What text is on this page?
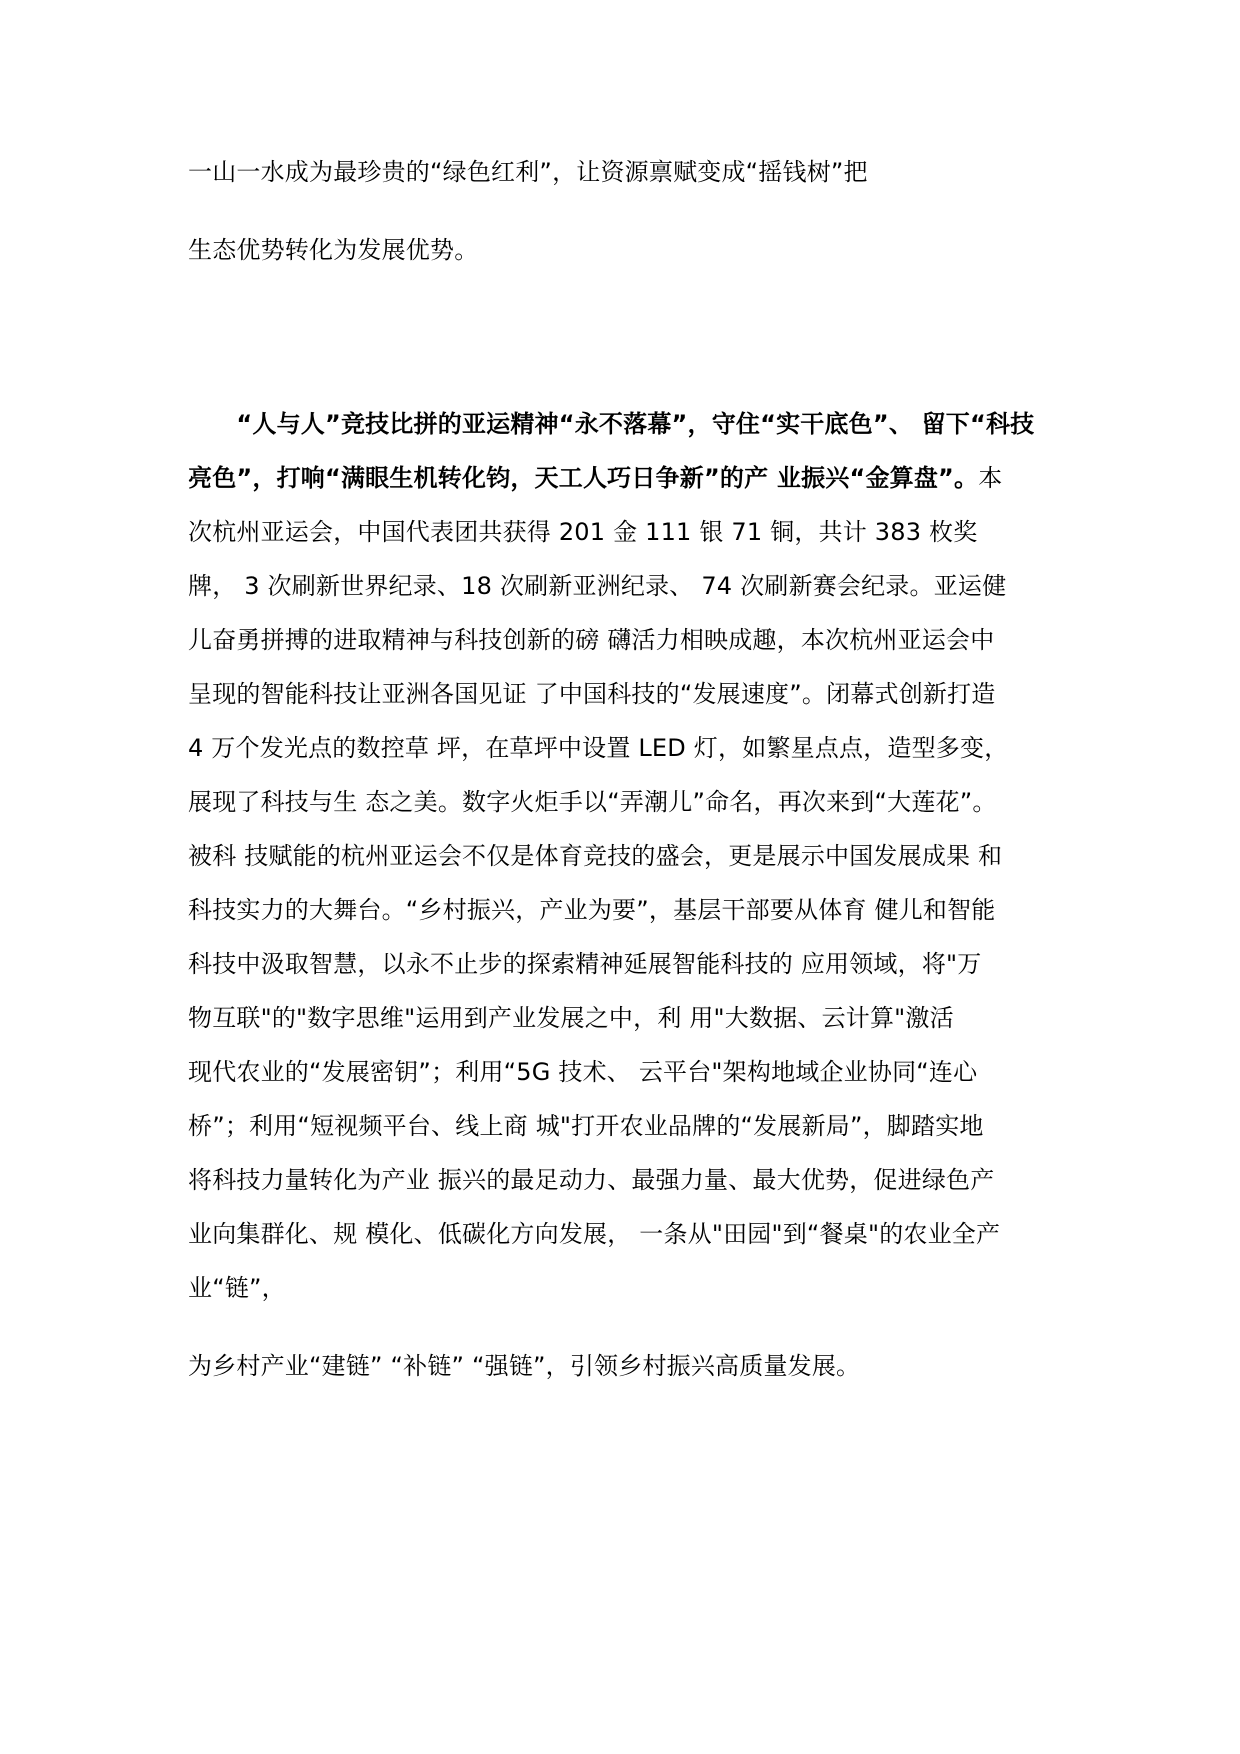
一山一水成为最珍贵的“绿色红利”，让资源禀赋变成“摇钱树”把
生态优势转化为发展优势。
　　“人与人”竞技比拼的亚运精神“永不落幕”，守住“实干底色”、 留下“科技
亮色”，打响“满眼生机转化钧，天工人巧日争新”的产 业振兴“金算盘”。本
次杭州亚运会，中国代表团共获得 201 金 111 银 71 铜，共计 383 枚奖
牌， 3 次刷新世界纪录、18 次刷新亚洲纪录、 74 次刷新赛会纪录。亚运健
儿奋勇拼搏的进取精神与科技创新的磅 礴活力相映成趣，本次杭州亚运会中
呈现的智能科技让亚洲各国见证 了中国科技的“发展速度”。闭幕式创新打造
4 万个发光点的数控草 坪，在草坪中设置 LED 灯，如繁星点点，造型多变，
展现了科技与生 态之美。数字火炬手以“弄潮儿”命名，再次来到“大莲花”。
被科 技赋能的杭州亚运会不仅是体育竞技的盛会，更是展示中国发展成果 和
科技实力的大舞台。“乡村振兴，产业为要”，基层干部要从体育 健儿和智能
科技中汲取智慧，以永不止步的探索精神延展智能科技的 应用领域，将"万
物互联"的"数字思维"运用到产业发展之中，利 用"大数据、云计算"激活
现代农业的“发展密钥”；利用“5G 技术、 云平台"架构地域企业协同“连心
桥”；利用“短视频平台、线上商 城"打开农业品牌的“发展新局”，脚踏实地
将科技力量转化为产业 振兴的最足动力、最强力量、最大优势，促进绿色产
业向集群化、规 模化、低碳化方向发展， 一条从"田园"到“餐桌"的农业全产
业“链”，
为乡村产业“建链” “补链” “强链”，引领乡村振兴高质量发展。
